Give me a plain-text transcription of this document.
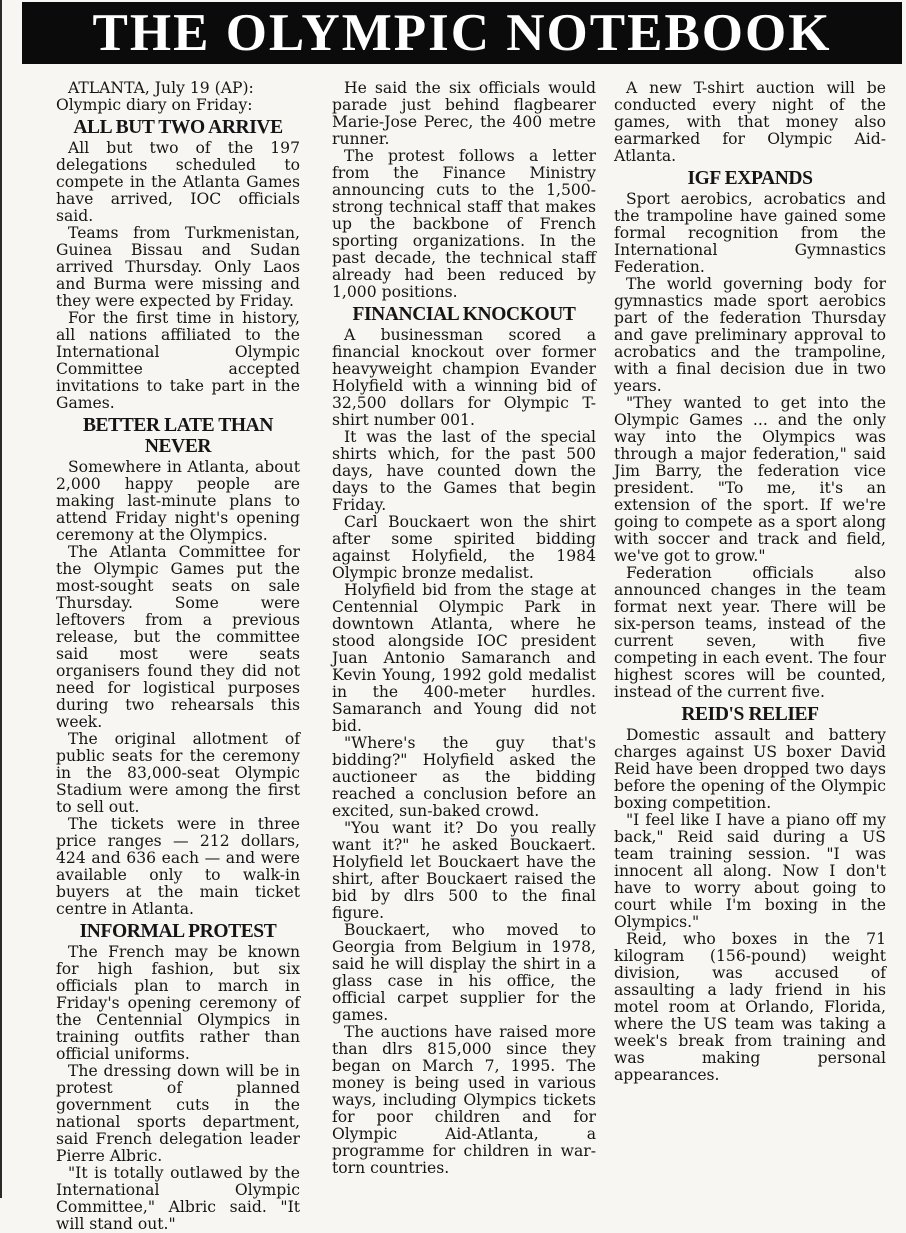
THE OLYMPIC NOTEBOOK

ATLANTA, July 19 (AP):

Olympic diary on Friday:

ALL BUT TWO ARRIVE

All but two of the 197 delegations scheduled to compete in the Atlanta Games have arrived, IOC officials said.

Teams from Turkmenistan, Guinea Bissau and Sudan arrived Thursday. Only Laos and Burma were missing and they were expected by Friday.

For the first time in history, all nations affiliated to the International Olympic Committee accepted invitations to take part in the Games.

BETTER LATE THAN NEVER

Somewhere in Atlanta, about 2,000 happy people are making last-minute plans to attend Friday night's opening ceremony at the Olympics.

The Atlanta Committee for the Olympic Games put the most-sought seats on sale Thursday. Some were leftovers from a previous release, but the committee said most were seats organisers found they did not need for logistical purposes during two rehearsals this week.

The original allotment of public seats for the ceremony in the 83,000-seat Olympic Stadium were among the first to sell out.

The tickets were in three price ranges — 212 dollars, 424 and 636 each — and were available only to walk-in buyers at the main ticket centre in Atlanta.

INFORMAL PROTEST

The French may be known for high fashion, but six officials plan to march in Friday's opening ceremony of the Centennial Olympics in training outfits rather than official uniforms.

The dressing down will be in protest of planned government cuts in the national sports department, said French delegation leader Pierre Albric.

"It is totally outlawed by the International Olympic Committee," Albric said. "It will stand out."

He said the six officials would parade just behind flagbearer Marie-Jose Perec, the 400 metre runner.

The protest follows a letter from the Finance Ministry announcing cuts to the 1,500-strong technical staff that makes up the backbone of French sporting organizations. In the past decade, the technical staff already had been reduced by 1,000 positions.

FINANCIAL KNOCKOUT

A businessman scored a financial knockout over former heavyweight champion Evander Holyfield with a winning bid of 32,500 dollars for Olympic T-shirt number 001.

It was the last of the special shirts which, for the past 500 days, have counted down the days to the Games that begin Friday.

Carl Bouckaert won the shirt after some spirited bidding against Holyfield, the 1984 Olympic bronze medalist.

Holyfield bid from the stage at Centennial Olympic Park in downtown Atlanta, where he stood alongside IOC president Juan Antonio Samaranch and Kevin Young, 1992 gold medalist in the 400-meter hurdles. Samaranch and Young did not bid.

"Where's the guy that's bidding?" Holyfield asked the auctioneer as the bidding reached a conclusion before an excited, sun-baked crowd.

"You want it? Do you really want it?" he asked Bouckaert. Holyfield let Bouckaert have the shirt, after Bouckaert raised the bid by dlrs 500 to the final figure.

Bouckaert, who moved to Georgia from Belgium in 1978, said he will display the shirt in a glass case in his office, the official carpet supplier for the games.

The auctions have raised more than dlrs 815,000 since they began on March 7, 1995. The money is being used in various ways, including Olympics tickets for poor children and for Olympic Aid-Atlanta, a programme for children in war-torn countries.

A new T-shirt auction will be conducted every night of the games, with that money also earmarked for Olympic Aid-Atlanta.

IGF EXPANDS

Sport aerobics, acrobatics and the trampoline have gained some formal recognition from the International Gymnastics Federation.

The world governing body for gymnastics made sport aerobics part of the federation Thursday and gave preliminary approval to acrobatics and the trampoline, with a final decision due in two years.

"They wanted to get into the Olympic Games ... and the only way into the Olympics was through a major federation," said Jim Barry, the federation vice president. "To me, it's an extension of the sport. If we're going to compete as a sport along with soccer and track and field, we've got to grow."

Federation officials also announced changes in the team format next year. There will be six-person teams, instead of the current seven, with five competing in each event. The four highest scores will be counted, instead of the current five.

REID'S RELIEF

Domestic assault and battery charges against US boxer David Reid have been dropped two days before the opening of the Olympic boxing competition.

"I feel like I have a piano off my back," Reid said during a US team training session. "I was innocent all along. Now I don't have to worry about going to court while I'm boxing in the Olympics."

Reid, who boxes in the 71 kilogram (156-pound) weight division, was accused of assaulting a lady friend in his motel room at Orlando, Florida, where the US team was taking a week's break from training and was making personal appearances.
